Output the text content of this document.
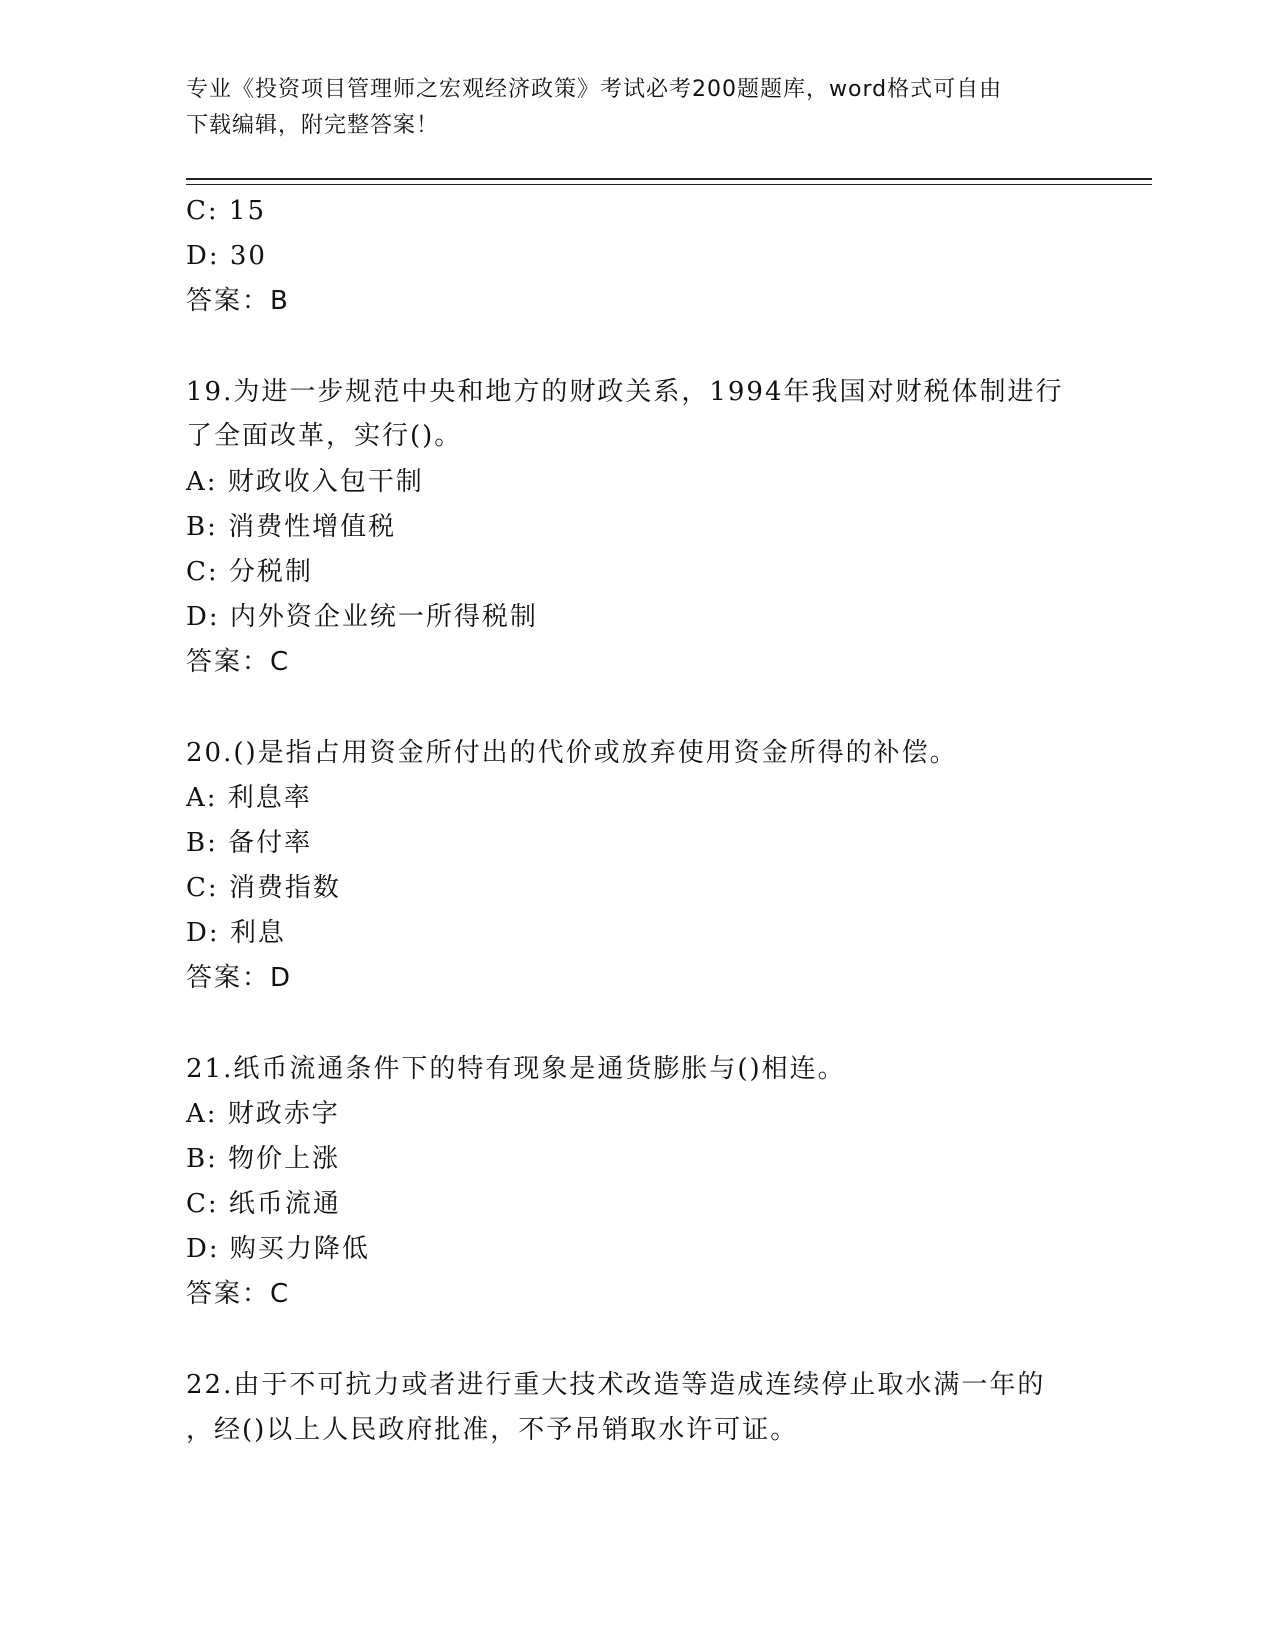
专业《投资项目管理师之宏观经济政策》考试必考200题题库，word格式可自由
下载编辑，附完整答案！
C: 15
D: 30
答案：B
19.为进一步规范中央和地方的财政关系，1994年我国对财税体制进行
了全面改革，实行()。
A: 财政收入包干制
B: 消费性增值税
C: 分税制
D: 内外资企业统一所得税制
答案：C
20.()是指占用资金所付出的代价或放弃使用资金所得的补偿。
A: 利息率
B: 备付率
C: 消费指数
D: 利息
答案：D
21.纸币流通条件下的特有现象是通货膨胀与()相连。
A: 财政赤字
B: 物价上涨
C: 纸币流通
D: 购买力降低
答案：C
22.由于不可抗力或者进行重大技术改造等造成连续停止取水满一年的
，经()以上人民政府批准，不予吊销取水许可证。
